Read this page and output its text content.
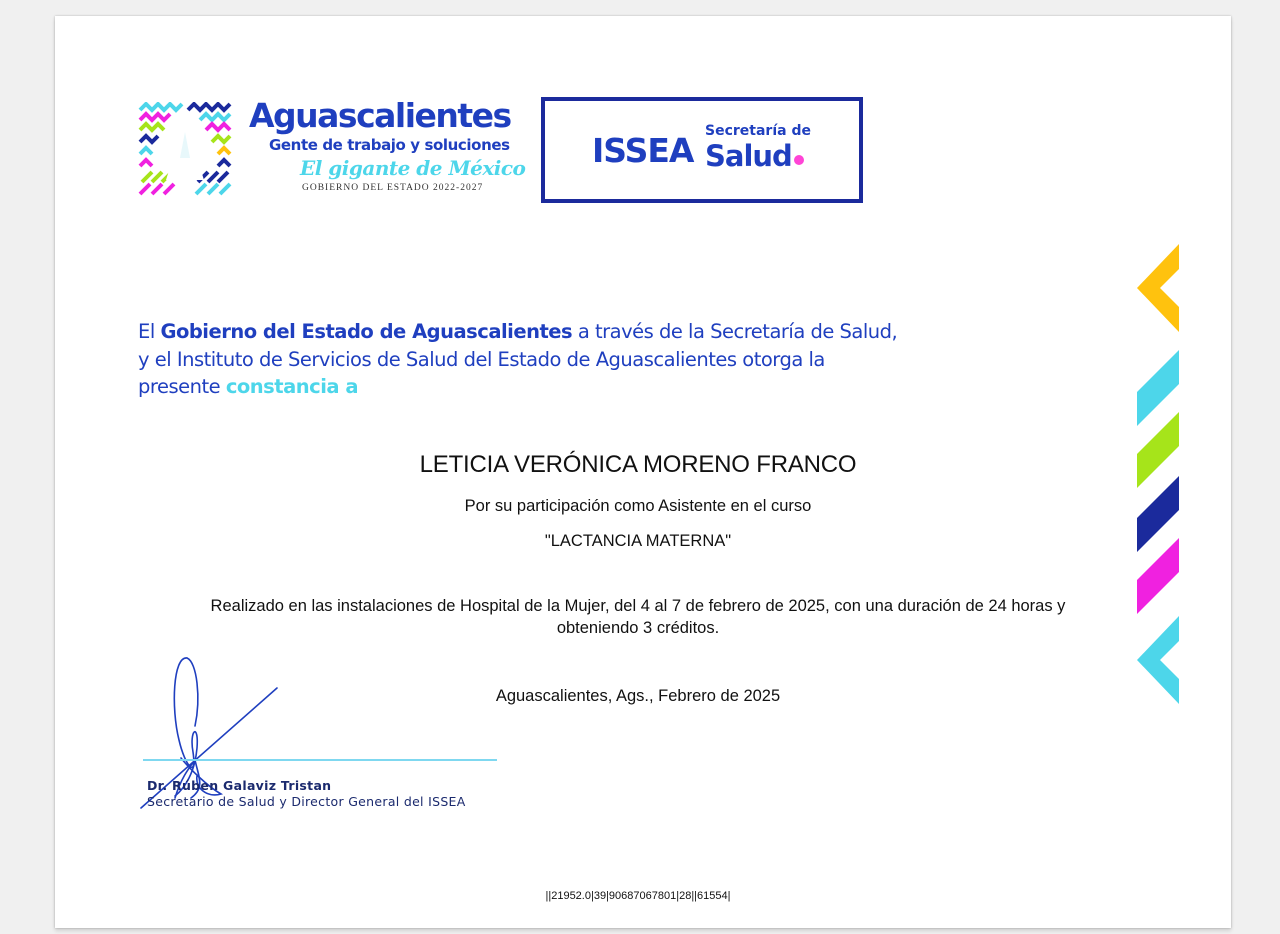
Aguascalientes
Gente de trabajo y soluciones
El gigante de México
GOBIERNO DEL ESTADO 2022-2027
ISSEA Secretaría de
Salud
El Gobierno del Estado de Aguascalientes a través de la Secretaría de Salud, y el Instituto de Servicios de Salud del Estado de Aguascalientes otorga la presente constancia a
LETICIA VERÓNICA MORENO FRANCO
Por su participación como Asistente en el curso
"LACTANCIA MATERNA"
Realizado en las instalaciones de Hospital de la Mujer, del 4 al 7 de febrero de 2025, con una duración de 24 horas y obteniendo 3 créditos.
Aguascalientes, Ags., Febrero de 2025
Dr. Rúben Galaviz Tristan
Secretario de Salud y Director General del ISSEA
||21952.0|39|90687067801|28||61554|
